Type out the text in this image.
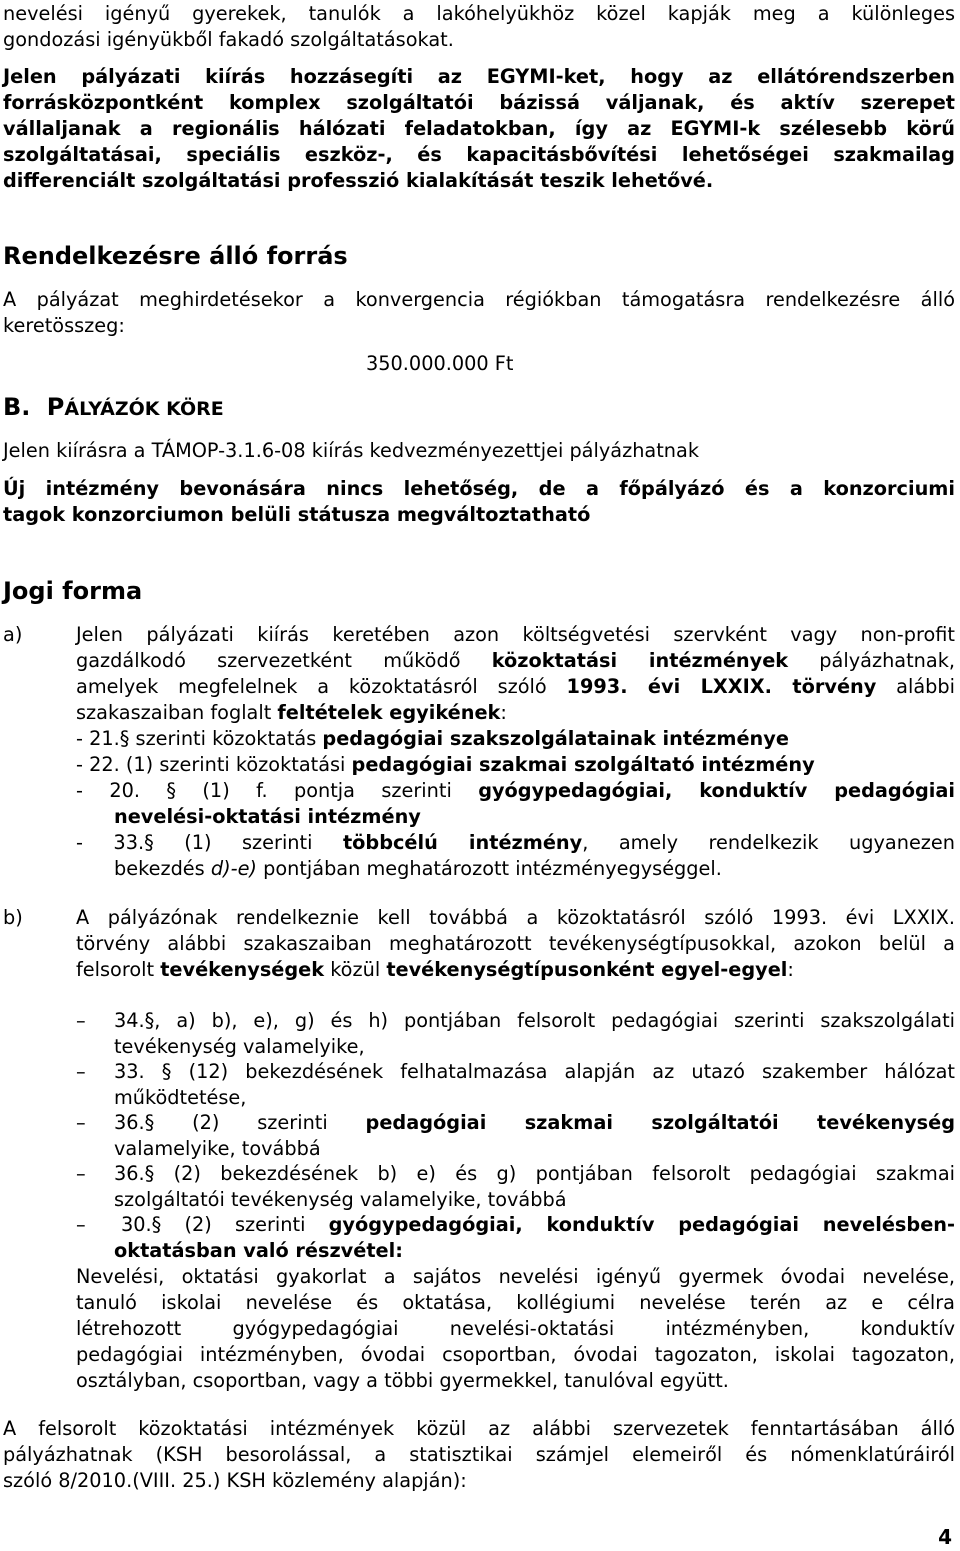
nevelési igényű gyerekek, tanulók a lakóhelyükhöz közel kapják meg a különleges
gondozási igényükből fakadó szolgáltatásokat.
Jelen pályázati kiírás hozzásegíti az EGYMI-ket, hogy az ellátórendszerben
forrásközpontként komplex szolgáltatói bázissá váljanak, és aktív szerepet
vállaljanak a regionális hálózati feladatokban, így az EGYMI-k szélesebb körű
szolgáltatásai, speciális eszköz-, és kapacitásbővítési lehetőségei szakmailag
differenciált szolgáltatási professzió kialakítását teszik lehetővé.
Rendelkezésre álló forrás
A pályázat meghirdetésekor a konvergencia régiókban támogatásra rendelkezésre álló
keretösszeg:
350.000.000 Ft
B. PÁLYÁZÓK KÖRE
Jelen kiírásra a TÁMOP-3.1.6-08 kiírás kedvezményezettjei pályázhatnak
Új intézmény bevonására nincs lehetőség, de a főpályázó és a konzorciumi
tagok konzorciumon belüli státusza megváltoztatható
Jogi forma
a)	Jelen pályázati kiírás keretében azon költségvetési szervként vagy non-profit
gazdálkodó szervezetként működő közoktatási intézmények pályázhatnak,
amelyek megfelelnek a közoktatásról szóló 1993. évi LXXIX. törvény alábbi
szakaszaiban foglalt feltételek egyikének:
- 21.§ szerinti közoktatás pedagógiai szakszolgálatainak intézménye
- 22. (1) szerinti közoktatási pedagógiai szakmai szolgáltató intézmény
- 20. § (1) f. pontja szerinti gyógypedagógiai, konduktív pedagógiai
nevelési-oktatási intézmény
- 33.§ (1) szerinti többcélú intézmény, amely rendelkezik ugyanezen
bekezdés d)-e) pontjában meghatározott intézményegységgel.
b)	A pályázónak rendelkeznie kell továbbá a közoktatásról szóló 1993. évi LXXIX.
törvény alábbi szakaszaiban meghatározott tevékenységtípusokkal, azokon belül a
felsorolt tevékenységek közül tevékenységtípusonként egyel-egyel:
– 34.§, a) b), e), g) és h) pontjában felsorolt pedagógiai szerinti szakszolgálati
tevékenység valamelyike,
– 33. § (12) bekezdésének felhatalmazása alapján az utazó szakember hálózat
működtetése,
– 36.§ (2) szerinti pedagógiai szakmai szolgáltatói tevékenység
valamelyike, továbbá
– 36.§ (2) bekezdésének b) e) és g) pontjában felsorolt pedagógiai szakmai
szolgáltatói tevékenység valamelyike, továbbá
– 30.§ (2) szerinti gyógypedagógiai, konduktív pedagógiai nevelésben-
oktatásban való részvétel:
Nevelési, oktatási gyakorlat a sajátos nevelési igényű gyermek óvodai nevelése,
tanuló iskolai nevelése és oktatása, kollégiumi nevelése terén az e célra
létrehozott gyógypedagógiai nevelési-oktatási intézményben, konduktív
pedagógiai intézményben, óvodai csoportban, óvodai tagozaton, iskolai tagozaton,
osztályban, csoportban, vagy a többi gyermekkel, tanulóval együtt.
A felsorolt közoktatási intézmények közül az alábbi szervezetek fenntartásában álló
pályázhatnak (KSH besorolással, a statisztikai számjel elemeiről és nómenklatúráiról
szóló 8/2010.(VIII. 25.) KSH közlemény alapján):
4
